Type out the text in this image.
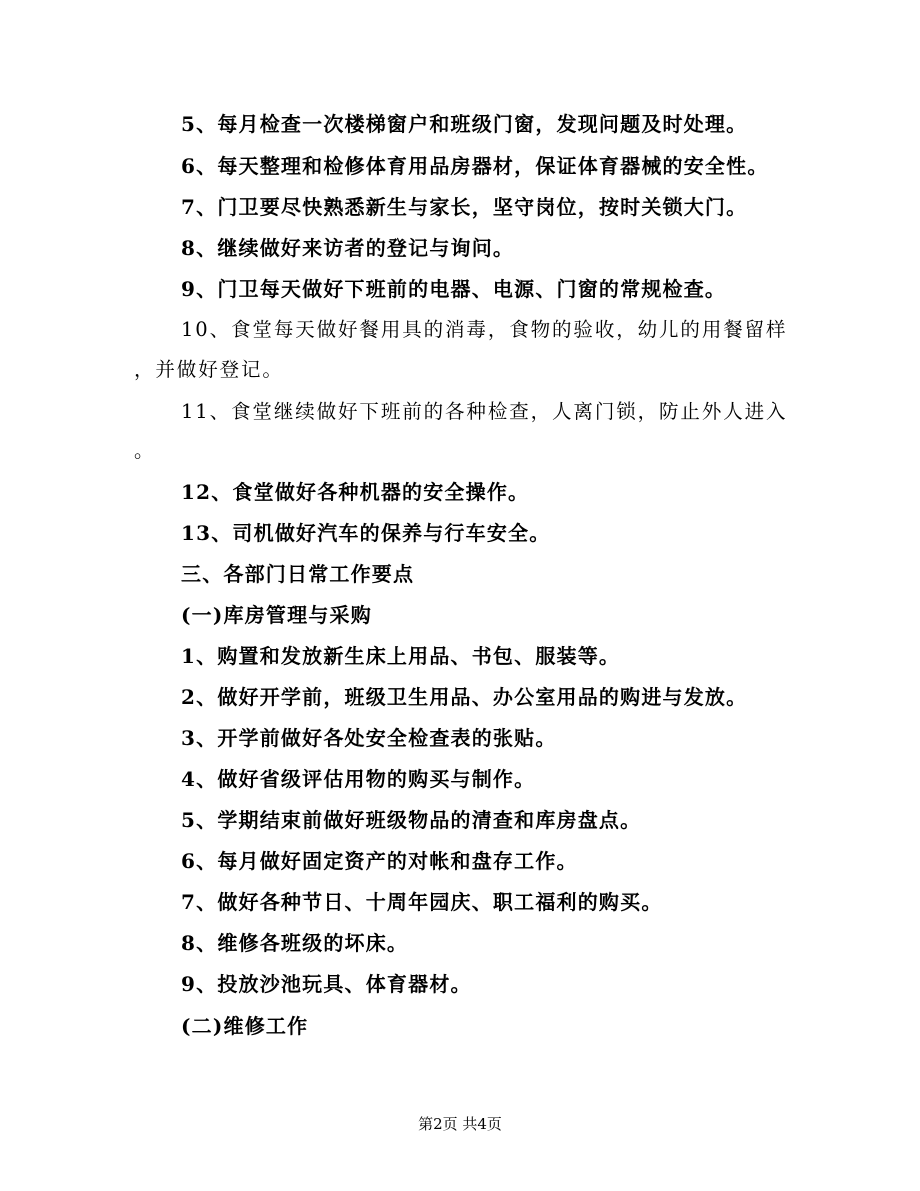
5、每月检查一次楼梯窗户和班级门窗，发现问题及时处理。
6、每天整理和检修体育用品房器材，保证体育器械的安全性。
7、门卫要尽快熟悉新生与家长，坚守岗位，按时关锁大门。
8、继续做好来访者的登记与询问。
9、门卫每天做好下班前的电器、电源、门窗的常规检查。
10、食堂每天做好餐用具的消毒，食物的验收，幼儿的用餐留样
，并做好登记。
11、食堂继续做好下班前的各种检查，人离门锁，防止外人进入
。
12、食堂做好各种机器的安全操作。
13、司机做好汽车的保养与行车安全。
三、各部门日常工作要点
(一)库房管理与采购
1、购置和发放新生床上用品、书包、服装等。
2、做好开学前，班级卫生用品、办公室用品的购进与发放。
3、开学前做好各处安全检查表的张贴。
4、做好省级评估用物的购买与制作。
5、学期结束前做好班级物品的清查和库房盘点。
6、每月做好固定资产的对帐和盘存工作。
7、做好各种节日、十周年园庆、职工福利的购买。
8、维修各班级的坏床。
9、投放沙池玩具、体育器材。
(二)维修工作
第2页 共4页
